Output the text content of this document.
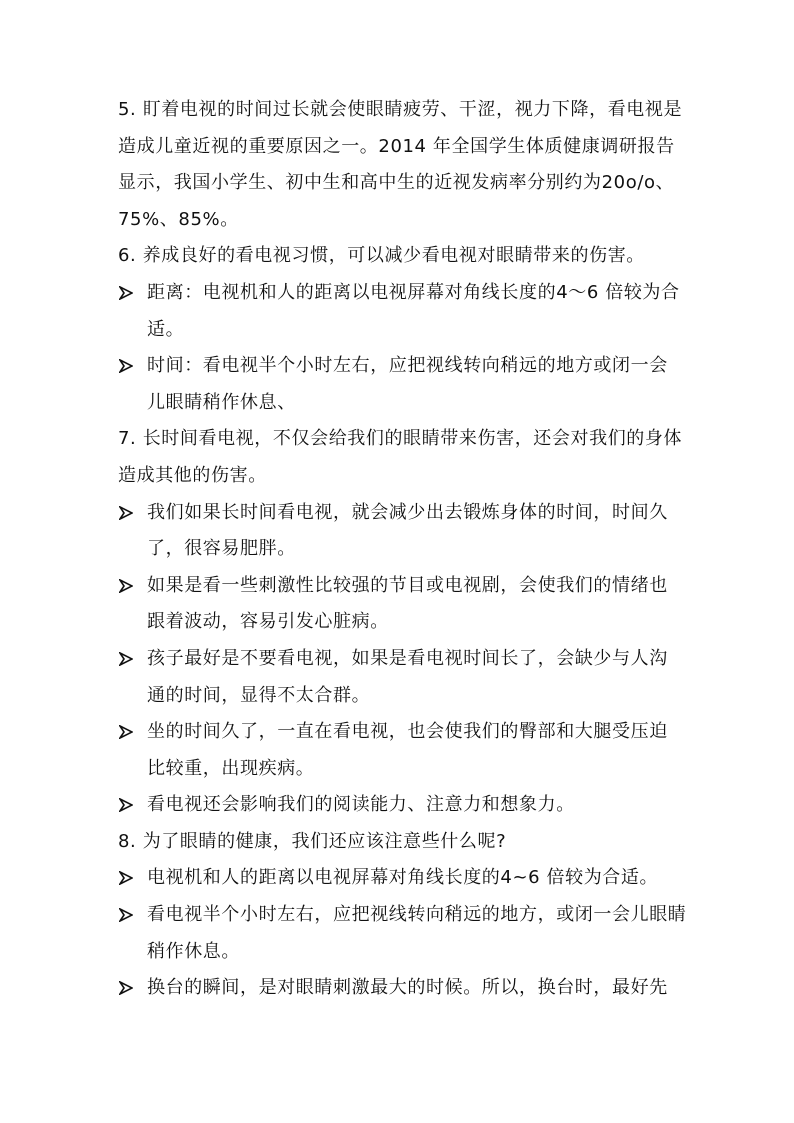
5. 盯着电视的时间过长就会使眼睛疲劳、干涩，视力下降，看电视是
造成儿童近视的重要原因之一。2014 年全国学生体质健康调研报告
显示，我国小学生、初中生和高中生的近视发病率分别约为20o/o、
75%、85%。
6. 养成良好的看电视习惯，可以减少看电视对眼睛带来的伤害。
距离：电视机和人的距离以电视屏幕对角线长度的4～6 倍较为合
适。
时间：看电视半个小时左右，应把视线转向稍远的地方或闭一会
儿眼睛稍作休息、
7. 长时间看电视，不仅会给我们的眼睛带来伤害，还会对我们的身体
造成其他的伤害。
我们如果长时间看电视，就会减少出去锻炼身体的时间，时间久
了，很容易肥胖。
如果是看一些刺激性比较强的节目或电视剧，会使我们的情绪也
跟着波动，容易引发心脏病。
孩子最好是不要看电视，如果是看电视时间长了，会缺少与人沟
通的时间，显得不太合群。
坐的时间久了，一直在看电视，也会使我们的臀部和大腿受压迫
比较重，出现疾病。
看电视还会影响我们的阅读能力、注意力和想象力。
8. 为了眼睛的健康，我们还应该注意些什么呢?
电视机和人的距离以电视屏幕对角线长度的4~6 倍较为合适。
看电视半个小时左右，应把视线转向稍远的地方，或闭一会儿眼睛
稍作休息。
换台的瞬间，是对眼睛刺激最大的时候。所以，换台时，最好先
